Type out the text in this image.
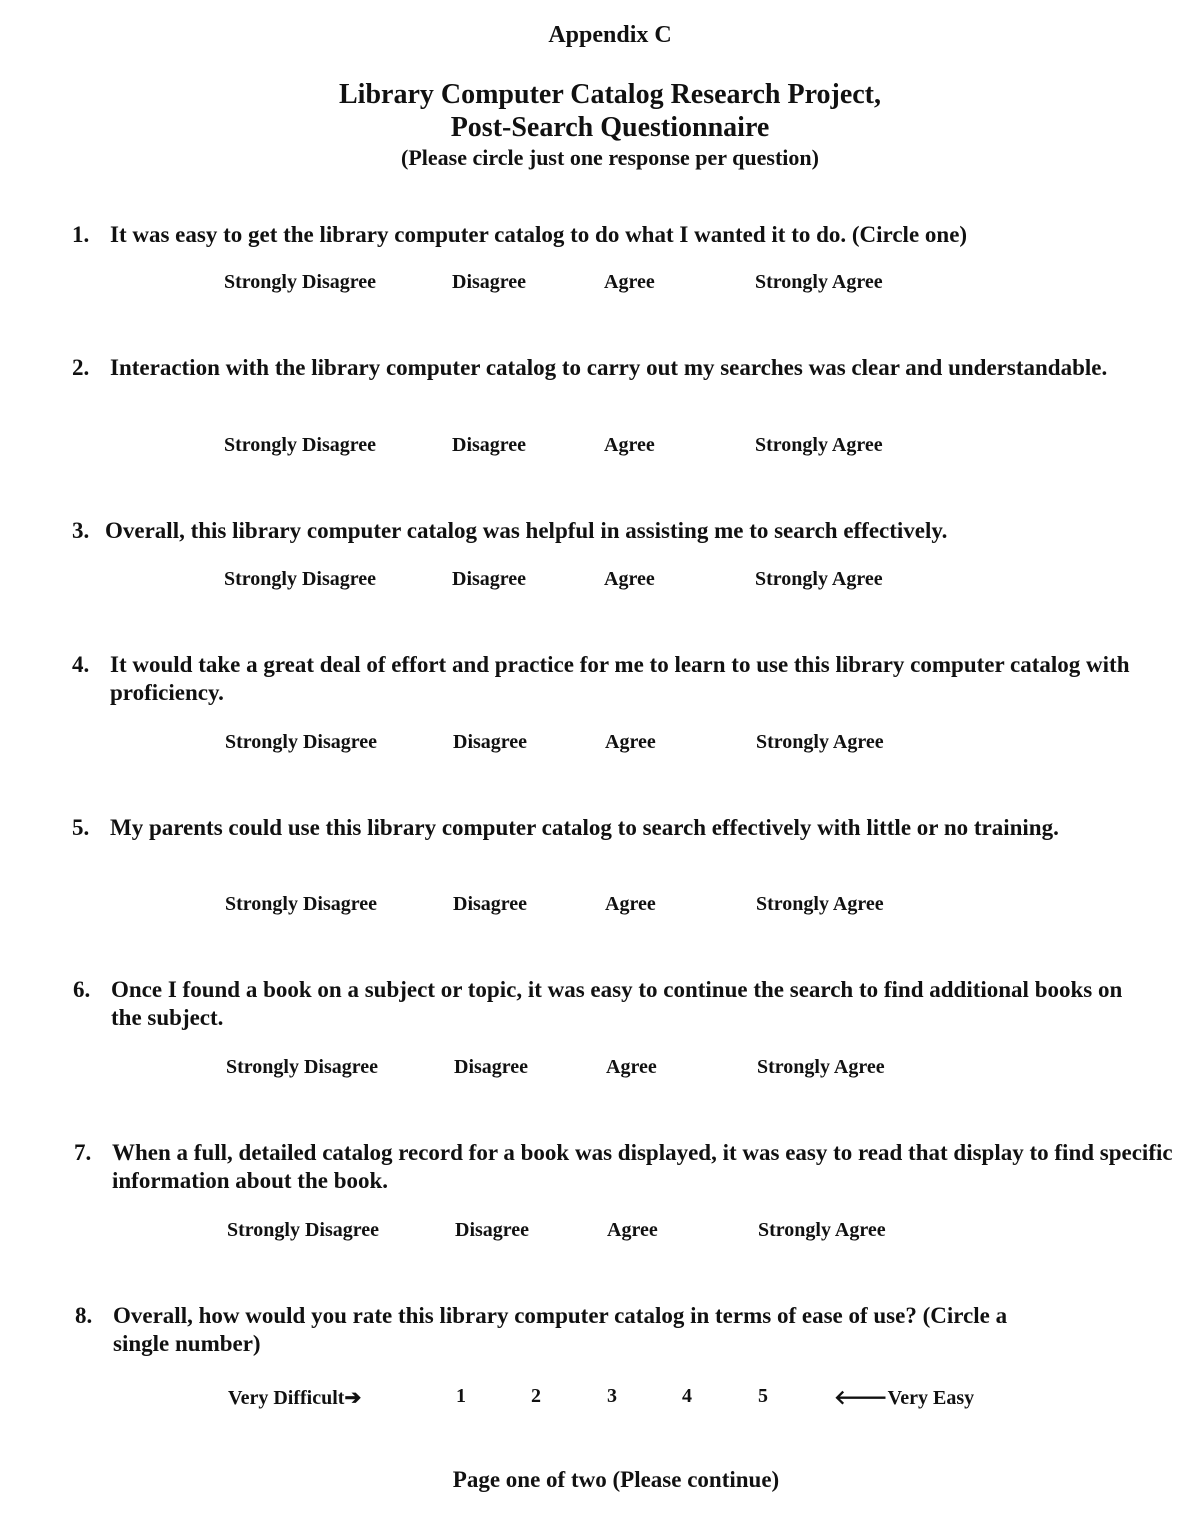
Appendix C
Library Computer Catalog Research Project,
Post-Search Questionnaire
(Please circle just one response per question)
1. It was easy to get the library computer catalog to do what I wanted it to do. (Circle one)
Strongly Disagree	Disagree	Agree	Strongly Agree
2. Interaction with the library computer catalog to carry out my searches was clear and understandable.
Strongly Disagree	Disagree	Agree	Strongly Agree
3. Overall, this library computer catalog was helpful in assisting me to search effectively.
Strongly Disagree	Disagree	Agree	Strongly Agree
4. It would take a great deal of effort and practice for me to learn to use this library computer catalog with proficiency.
Strongly Disagree	Disagree	Agree	Strongly Agree
5. My parents could use this library computer catalog to search effectively with little or no training.
Strongly Disagree	Disagree	Agree	Strongly Agree
6. Once I found a book on a subject or topic, it was easy to continue the search to find additional books on the subject.
Strongly Disagree	Disagree	Agree	Strongly Agree
7. When a full, detailed catalog record for a book was displayed, it was easy to read that display to find specific information about the book.
Strongly Disagree	Disagree	Agree	Strongly Agree
8. Overall, how would you rate this library computer catalog in terms of ease of use? (Circle a single number)
Very Difficult➔	1	2	3	4	5	🡐Very Easy
Page one of two (Please continue)
